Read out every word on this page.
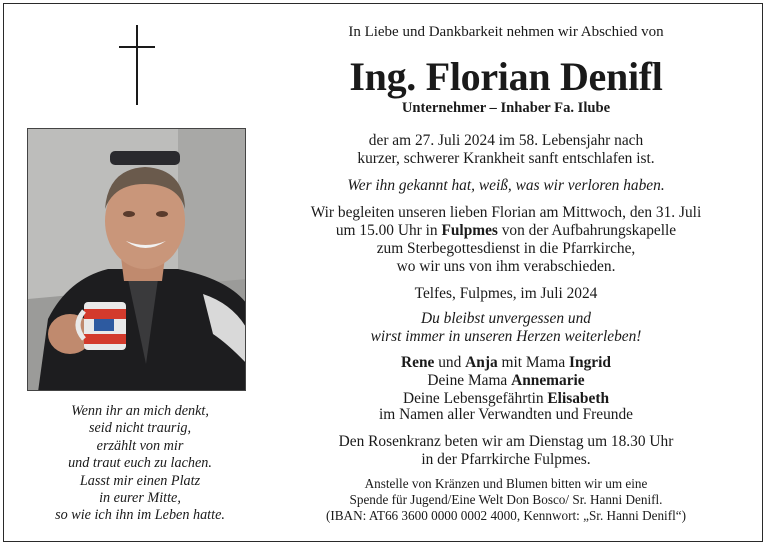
Wenn ihr an mich denkt,
seid nicht traurig,
erzählt von mir
und traut euch zu lachen.
Lasst mir einen Platz
in eurer Mitte,
so wie ich ihn im Leben hatte.
In Liebe und Dankbarkeit nehmen wir Abschied von
Ing. Florian Denifl
Unternehmer – Inhaber Fa. Ilube
der am 27. Juli 2024 im 58. Lebensjahr nach
kurzer, schwerer Krankheit sanft entschlafen ist.
Wer ihn gekannt hat, weiß, was wir verloren haben.
Wir begleiten unseren lieben Florian am Mittwoch, den 31. Juli
um 15.00 Uhr in Fulpmes von der Aufbahrungskapelle
zum Sterbegottesdienst in die Pfarrkirche,
wo wir uns von ihm verabschieden.
Telfes, Fulpmes, im Juli 2024
Du bleibst unvergessen und
wirst immer in unseren Herzen weiterleben!
Rene und Anja mit Mama Ingrid
Deine Mama Annemarie
Deine Lebensgefährtin Elisabeth
im Namen aller Verwandten und Freunde
Den Rosenkranz beten wir am Dienstag um 18.30 Uhr
in der Pfarrkirche Fulpmes.
Anstelle von Kränzen und Blumen bitten wir um eine
Spende für Jugend/Eine Welt Don Bosco/ Sr. Hanni Denifl.
(IBAN: AT66 3600 0000 0002 4000, Kennwort: „Sr. Hanni Denifl“)
